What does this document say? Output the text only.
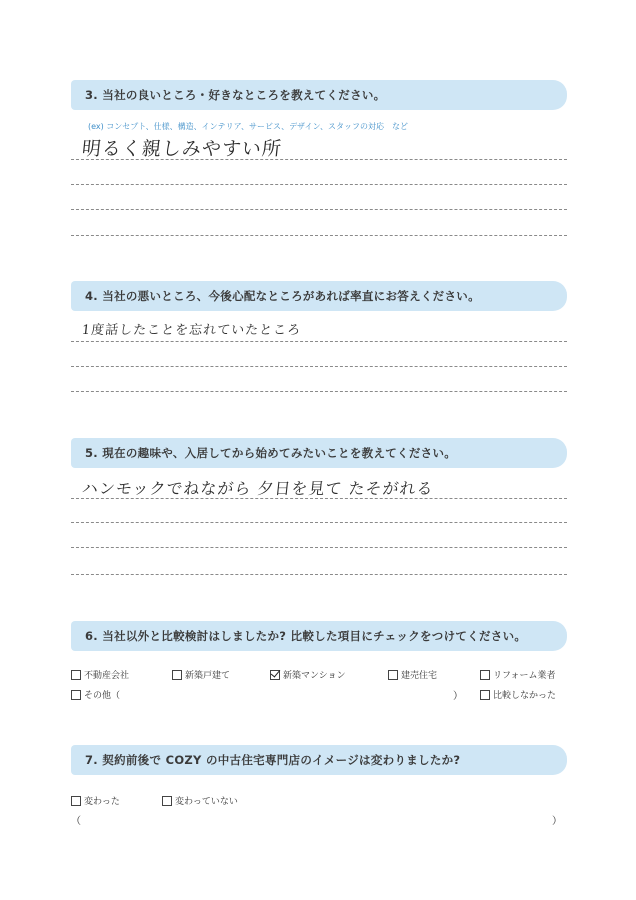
3. 当社の良いところ・好きなところを教えてください。
(ex) コンセプト、仕様、構造、インテリア、サービス、デザイン、スタッフの対応　など
明るく親しみやすい所
4. 当社の悪いところ、今後心配なところがあれば率直にお答えください。
1度話したことを忘れていたところ
5. 現在の趣味や、入居してから始めてみたいことを教えてください。
ハンモックでねながら 夕日を見て たそがれる
6. 当社以外と比較検討はしましたか? 比較した項目にチェックをつけてください。
不動産会社	新築戸建て	新築マンション	建売住宅	リフォーム業者
その他（	）	比較しなかった
7. 契約前後で COZY の中古住宅専門店のイメージは変わりましたか?
変わった	変わっていない
（	）
